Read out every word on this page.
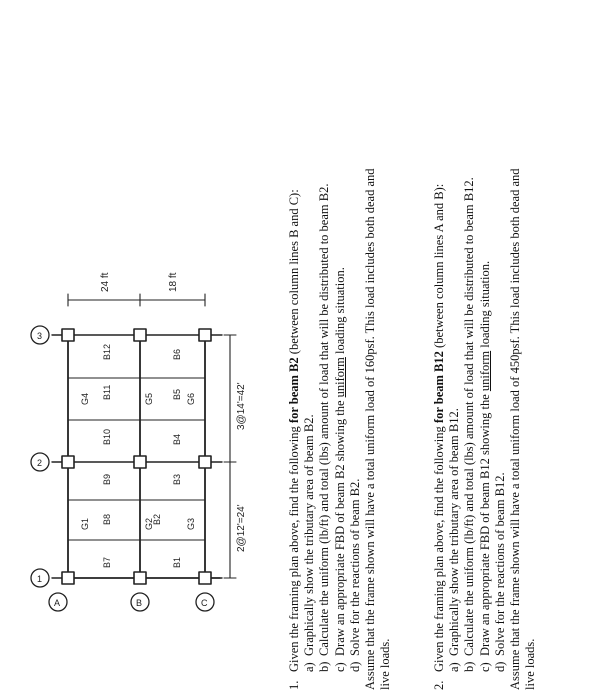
A	B	C
1
2
3
G1	G2	G3
G4	G5	G6
B1
B2
B3
B4
B5
B6
B7
B8
B9
B10
B11
B12
2@12'=24'
3@14'=42'
24 ft	18 ft
1.Given the framing plan above, find the following for beam B2 (between column lines B and C):
a)Graphically show the tributary area of beam B2.
b)Calculate the uniform (lb/ft) and total (lbs) amount of load that will be distributed to beam B2.
c)Draw an appropriate FBD of beam B2 showing the uniform loading situation.
d)Solve for the reactions of beam B2. Assume that the frame shown will have a total uniform load of 160psf. This load includes both dead and live loads.	2.Given the framing plan above, find the following for beam B12 (between column lines A and B):
a)Graphically show the tributary area of beam B12.
b)Calculate the uniform (lb/ft) and total (lbs) amount of load that will be distributed to beam B12.
c)Draw an appropriate FBD of beam B12 showing the uniform loading situation.
d)Solve for the reactions of beam B12. Assume that the frame shown will have a total uniform load of 450psf. This load includes both dead and live loads.
